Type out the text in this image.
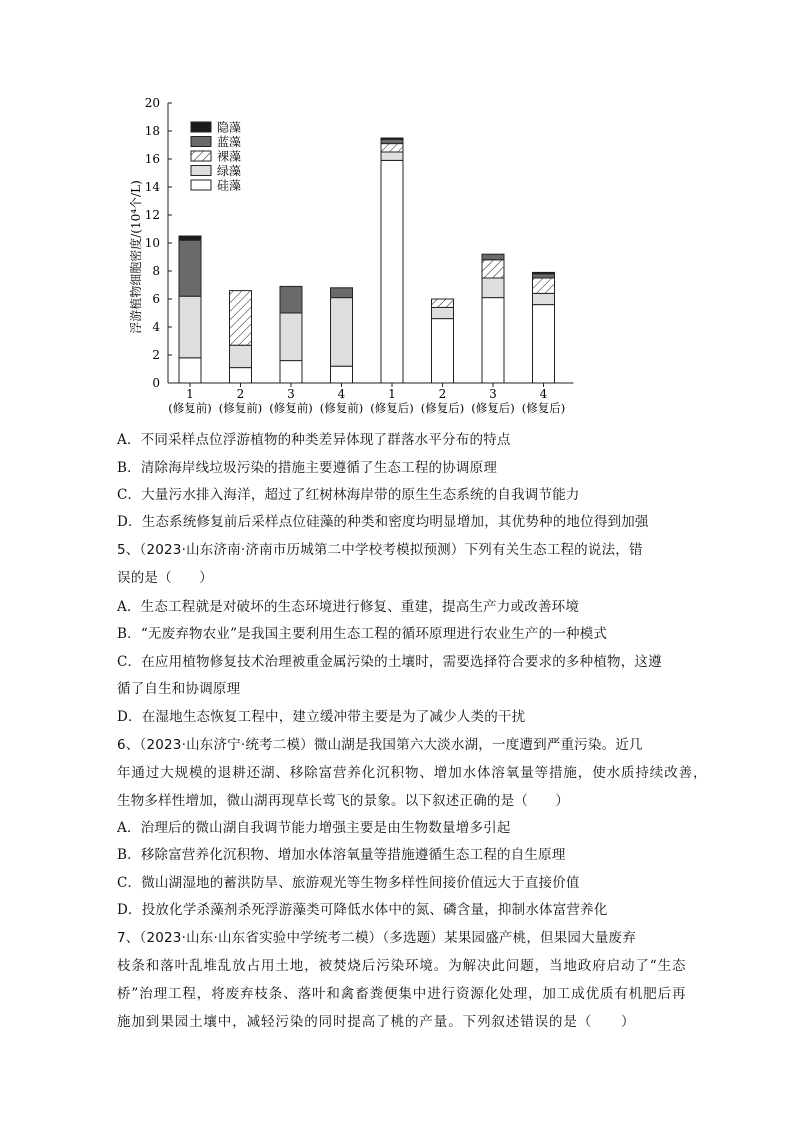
0
2
4
6
8
10
12
14
16
18
20
1
(修复前)
2
(修复前)
3
(修复前)
4
(修复前)
1
(修复后)
2
(修复后)
3
(修复后)
4
(修复后)
隐藻
蓝藻
裸藻
绿藻
硅藻
浮游植物细胞密度/(10⁴个/L)
A．不同采样点位浮游植物的种类差异体现了群落水平分布的特点
B．清除海岸线垃圾污染的措施主要遵循了生态工程的协调原理
C．大量污水排入海洋，超过了红树林海岸带的原生生态系统的自我调节能力
D．生态系统修复前后采样点位硅藻的种类和密度均明显增加，其优势种的地位得到加强
5、（2023·山东济南·济南市历城第二中学校考模拟预测）下列有关生态工程的说法，错
误的是（　　）
A．生态工程就是对破坏的生态环境进行修复、重建，提高生产力或改善环境
B．“无废弃物农业”是我国主要利用生态工程的循环原理进行农业生产的一种模式
C．在应用植物修复技术治理被重金属污染的土壤时，需要选择符合要求的多种植物，这遵
循了自生和协调原理
D．在湿地生态恢复工程中，建立缓冲带主要是为了减少人类的干扰
6、（2023·山东济宁·统考二模）微山湖是我国第六大淡水湖，一度遭到严重污染。近几
年通过大规模的退耕还湖、移除富营养化沉积物、增加水体溶氧量等措施，使水质持续改善，
生物多样性增加，微山湖再现草长莺飞的景象。以下叙述正确的是（　　）
A．治理后的微山湖自我调节能力增强主要是由生物数量增多引起
B．移除富营养化沉积物、增加水体溶氧量等措施遵循生态工程的自生原理
C．微山湖湿地的蓄洪防旱、旅游观光等生物多样性间接价值远大于直接价值
D．投放化学杀藻剂杀死浮游藻类可降低水体中的氮、磷含量，抑制水体富营养化
7、（2023·山东·山东省实验中学统考二模）（多选题）某果园盛产桃，但果园大量废弃
枝条和落叶乱堆乱放占用土地，被焚烧后污染环境。为解决此问题，当地政府启动了“生态
桥”治理工程，将废弃枝条、落叶和禽畜粪便集中进行资源化处理，加工成优质有机肥后再
施加到果园土壤中，减轻污染的同时提高了桃的产量。下列叙述错误的是（　　）
